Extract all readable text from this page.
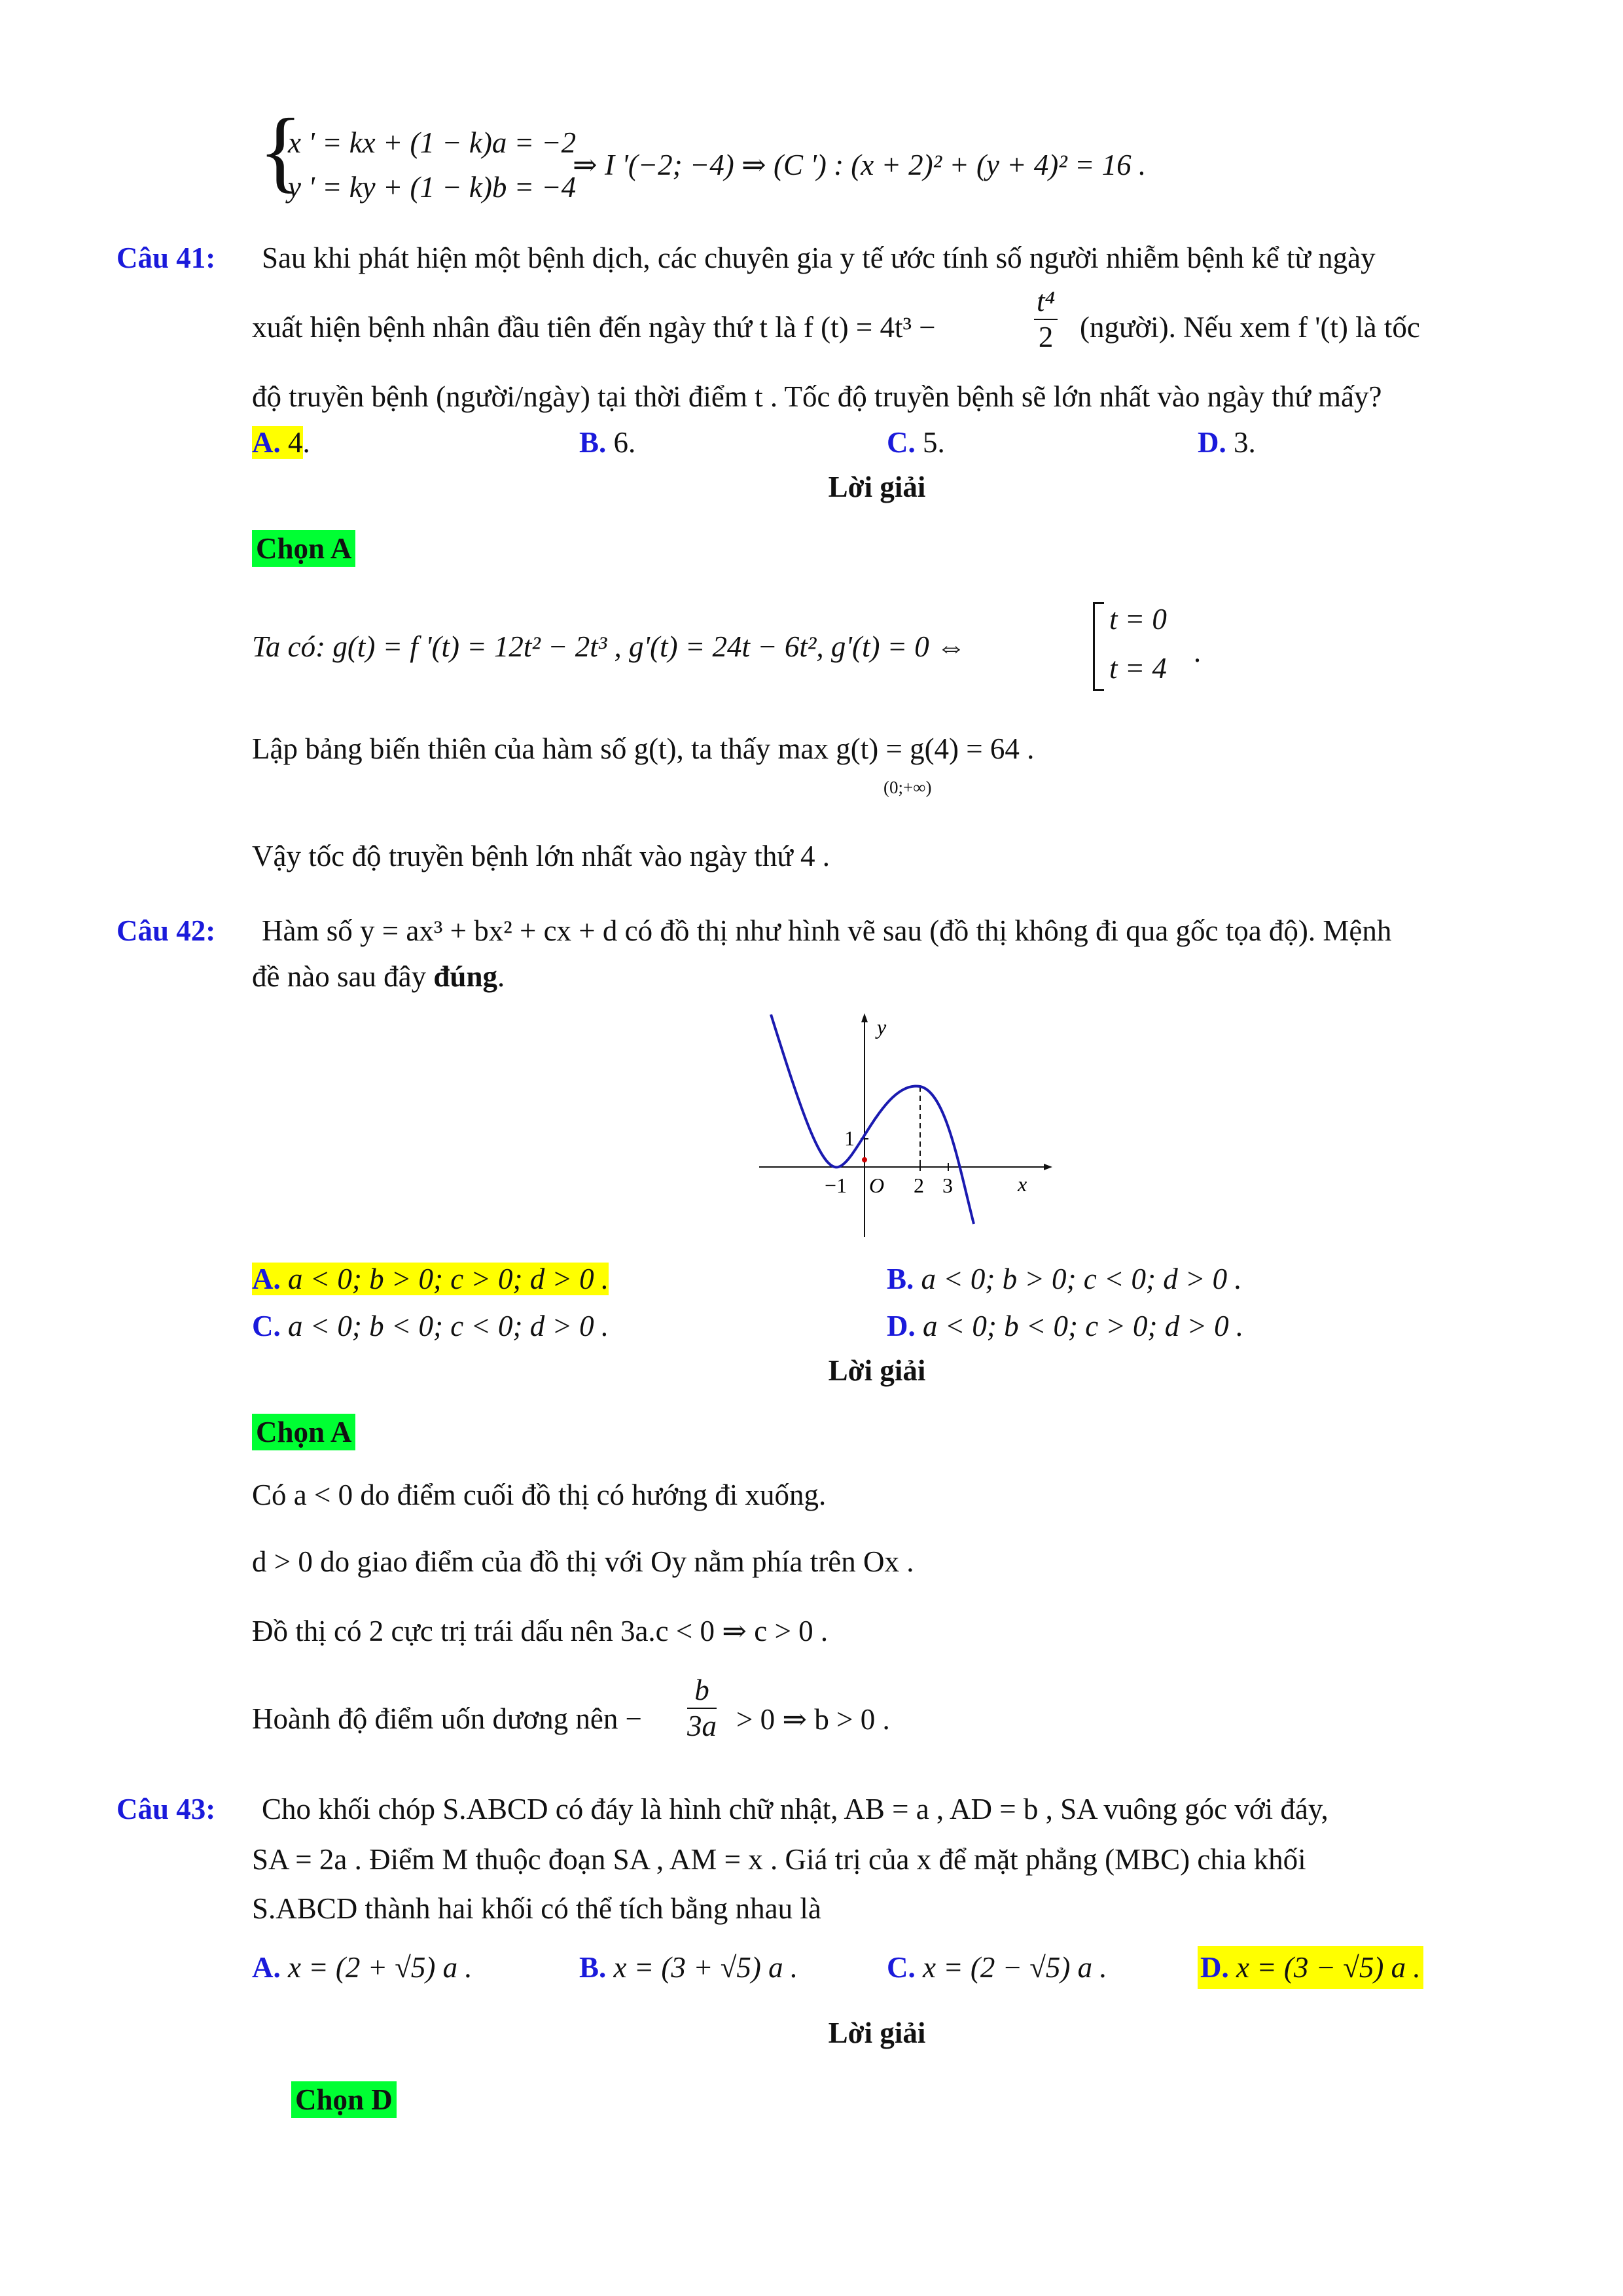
{
x ' = kx + (1 − k)a = −2
y ' = ky + (1 − k)b = −4
⇒ I '(−2; −4) ⇒ (C ') : (x + 2)² + (y + 4)² = 16 .
Câu 41: Sau khi phát hiện một bệnh dịch, các chuyên gia y tế ước tính số người nhiễm bệnh kể từ ngày
xuất hiện bệnh nhân đầu tiên đến ngày thứ t là f (t) = 4t³ −	$\frac{\text{t⁴}}{2}$ (người). Nếu xem f '(t) là tốc
độ truyền bệnh (người/ngày) tại thời điểm t . Tốc độ truyền bệnh sẽ lớn nhất vào ngày thứ mấy?
A. 4.	B. 6.	C. 5.	D. 3.
Lời giải
Chọn A
Ta có: g(t) = f '(t) = 12t² − 2t³ , g'(t) = 24t − 6t², g'(t) = 0 ⇔
t = 0
t = 4 .
Lập bảng biến thiên của hàm số g(t), ta thấy max g(t) = g(4) = 64 .
(0;+∞)
Vậy tốc độ truyền bệnh lớn nhất vào ngày thứ 4 .
Câu 42: Hàm số y = ax³ + bx² + cx + d có đồ thị như hình vẽ sau (đồ thị không đi qua gốc tọa độ). Mệnh
đề nào sau đây đúng.
y
x
O
−1	2 3
1
A. a < 0; b > 0; c > 0; d > 0 .	B. a < 0; b > 0; c < 0; d > 0 .
C. a < 0; b < 0; c < 0; d > 0 .	D. a < 0; b < 0; c > 0; d > 0 .
Lời giải
Chọn A
Có a < 0 do điểm cuối đồ thị có hướng đi xuống.
d > 0 do giao điểm của đồ thị với Oy nằm phía trên Ox .
Đồ thị có 2 cực trị trái dấu nên 3a.c < 0 ⇒ c > 0 .
Hoành độ điểm uốn dương nên − $\frac{b}{3a} > 0$ ⇒ b > 0 .
Câu 43: Cho khối chóp S.ABCD có đáy là hình chữ nhật, AB = a , AD = b , SA vuông góc với đáy,
SA = 2a . Điểm M thuộc đoạn SA , AM = x . Giá trị của x để mặt phẳng (MBC) chia khối
S.ABCD thành hai khối có thể tích bằng nhau là
A. x = (2 + √5) a .	B. x = (3 + √5) a .	C. x = (2 − √5) a .	D. x = (3 − √5) a .
Lời giải
Chọn D
